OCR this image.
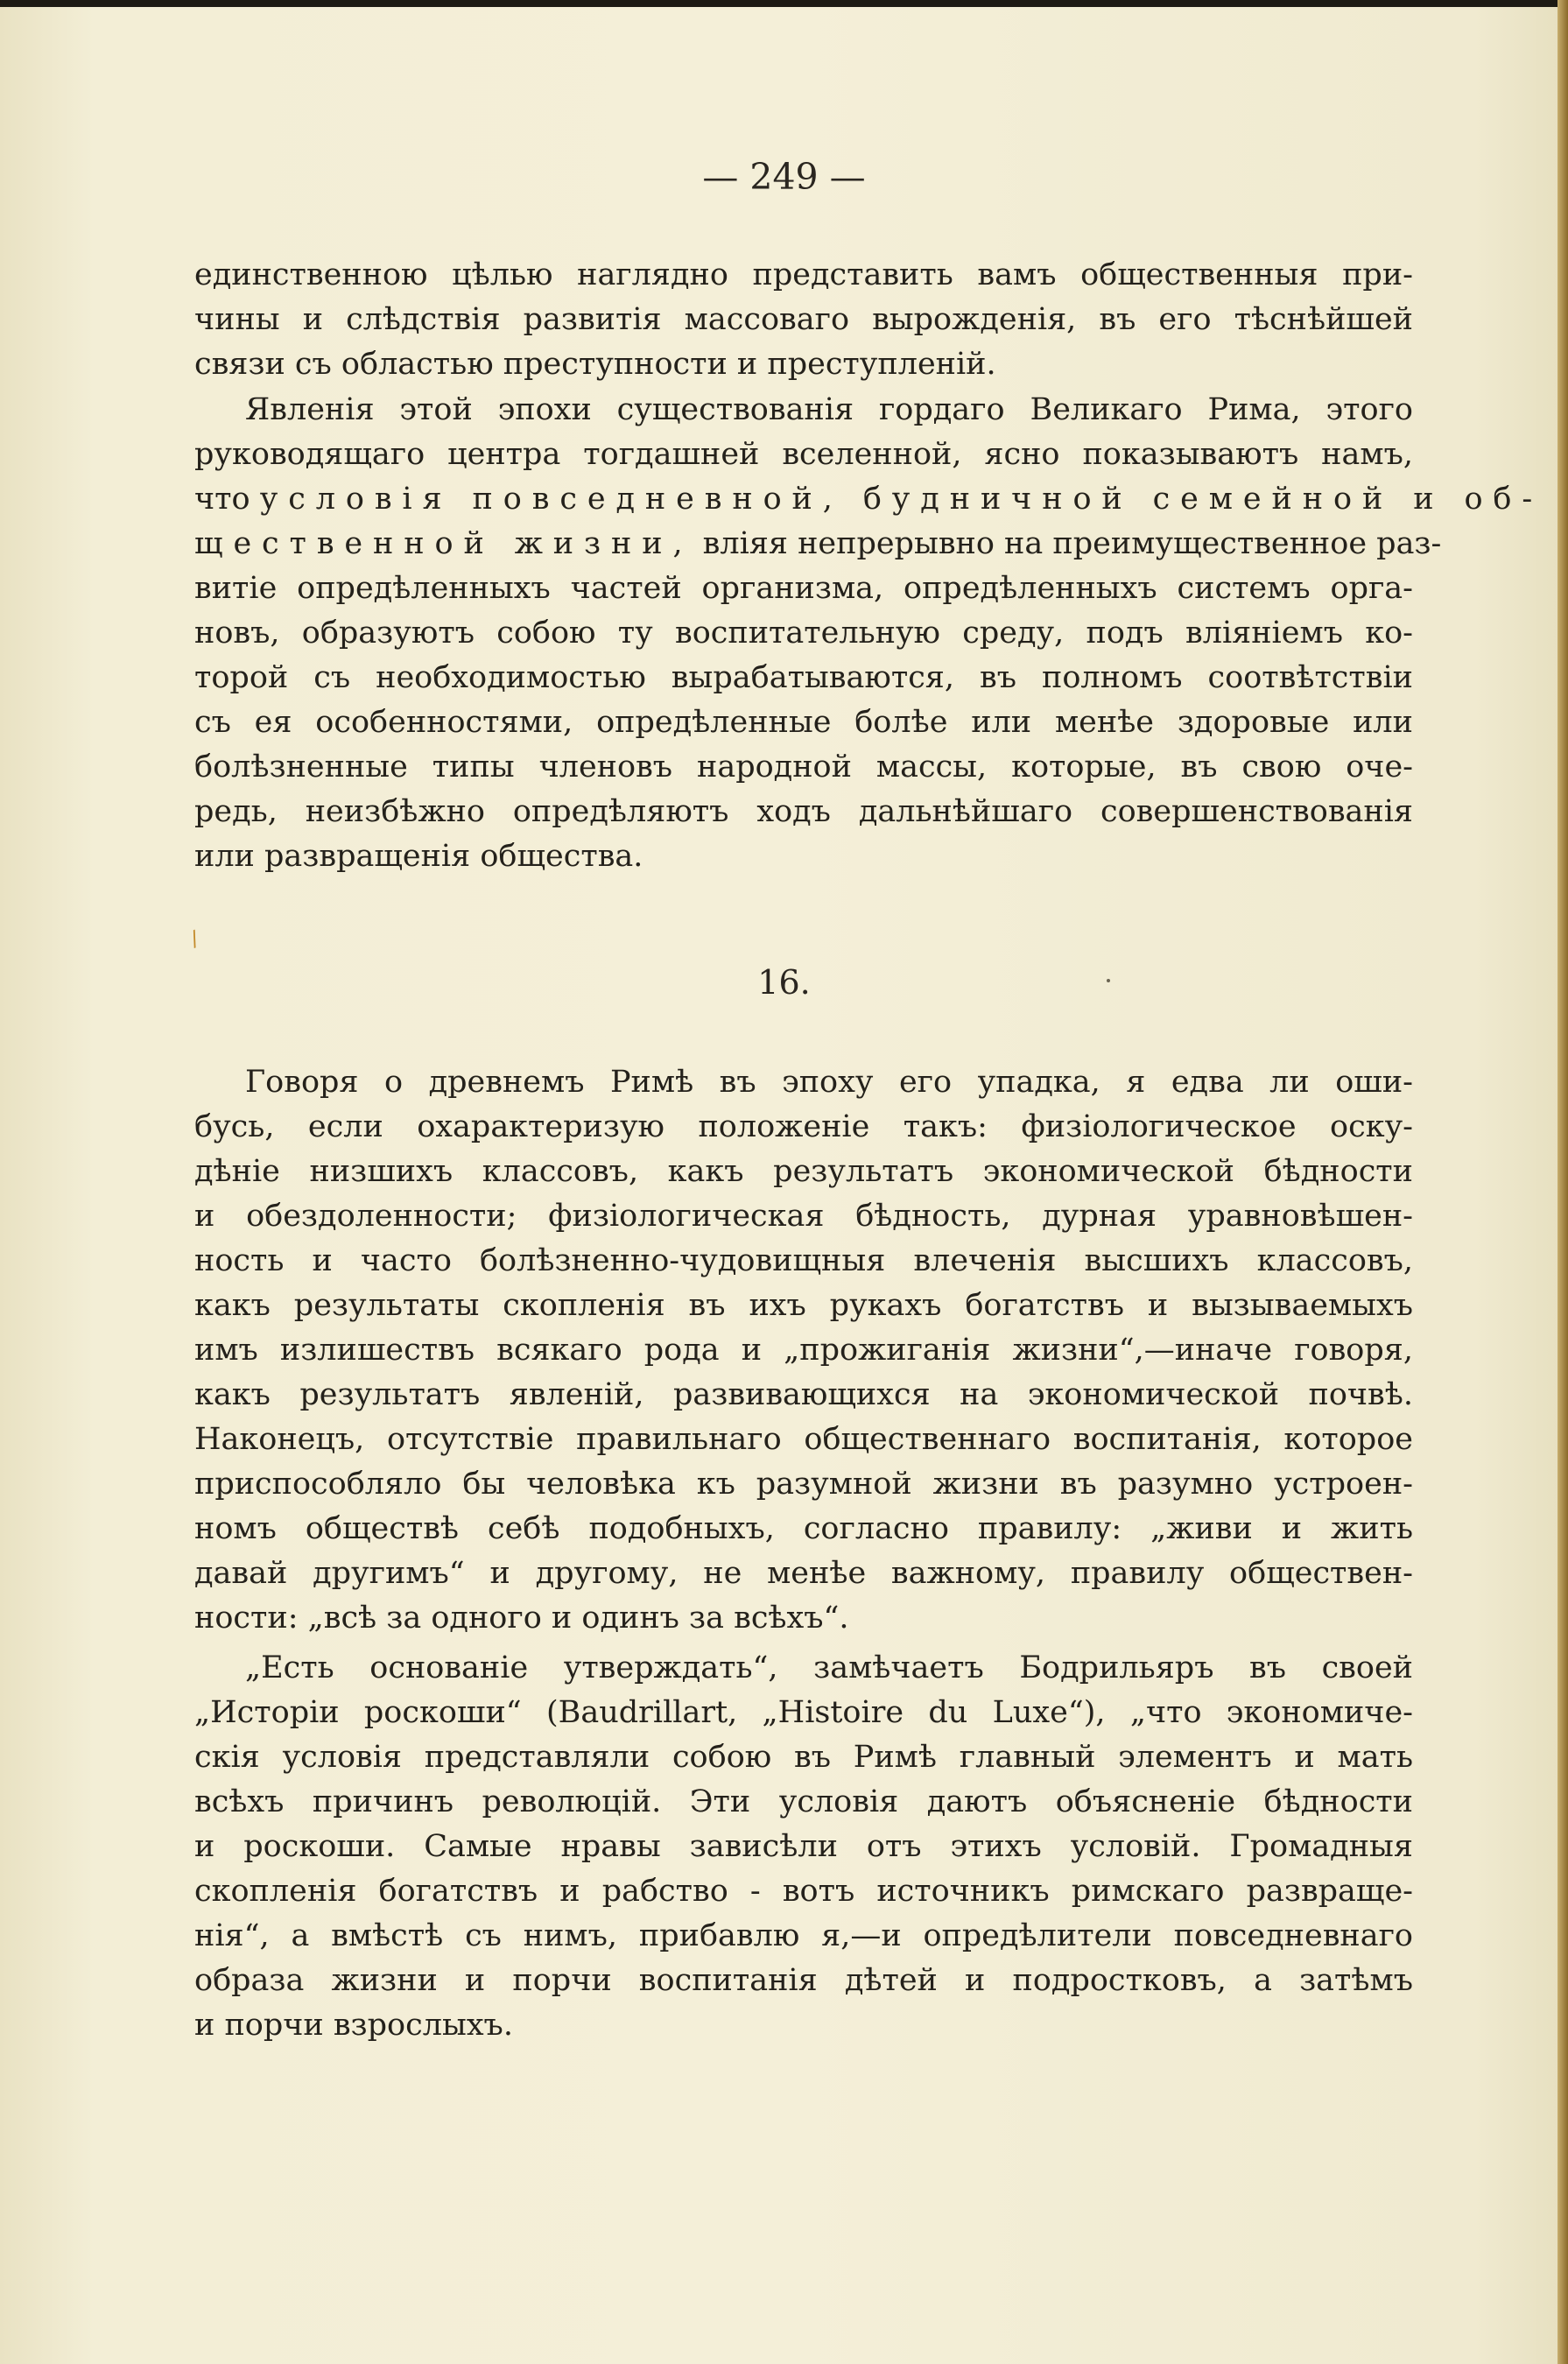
— 249 —
единственною цѣлью наглядно представить вамъ общественныя при-
чины и слѣдствія развитія массоваго вырожденія, въ его тѣснѣйшей
связи съ областью преступности и преступленій.
Явленія этой эпохи существованія гордаго Великаго Рима, этого
руководящаго центра тогдашней вселенной, ясно показываютъ намъ,
что условія повседневной, будничной семейной и об-
щественной жизни, вліяя непрерывно на преимущественное раз-
витіе опредѣленныхъ частей организма, опредѣленныхъ системъ орга-
новъ, образуютъ собою ту воспитательную среду, подъ вліяніемъ ко-
торой съ необходимостью вырабатываются, въ полномъ соотвѣтствіи
съ ея особенностями, опредѣленные болѣе или менѣе здоровые или
болѣзненные типы членовъ народной массы, которые, въ свою оче-
редь, неизбѣжно опредѣляютъ ходъ дальнѣйшаго совершенствованія
или развращенія общества.
/
16.
Говоря о древнемъ Римѣ въ эпоху его упадка, я едва ли оши-
бусь, если охарактеризую положеніе такъ: физіологическое оску-
дѣніе низшихъ классовъ, какъ результатъ экономической бѣдности
и обездоленности; физіологическая бѣдность, дурная уравновѣшен-
ность и часто болѣзненно-чудовищныя влеченія высшихъ классовъ,
какъ результаты скопленія въ ихъ рукахъ богатствъ и вызываемыхъ
имъ излишествъ всякаго рода и „прожиганія жизни“,—иначе говоря,
какъ результатъ явленій, развивающихся на экономической почвѣ.
Наконецъ, отсутствіе правильнаго общественнаго воспитанія, которое
приспособляло бы человѣка къ разумной жизни въ разумно устроен-
номъ обществѣ себѣ подобныхъ, согласно правилу: „живи и жить
давай другимъ“ и другому, не менѣе важному, правилу обществен-
ности: „всѣ за одного и одинъ за всѣхъ“.
„Есть основаніе утверждать“, замѣчаетъ Бодрильяръ въ своей
„Исторіи роскоши“ (Baudrillart, „Histoire du Luxe“), „что экономиче-
скія условія представляли собою въ Римѣ главный элементъ и мать
всѣхъ причинъ революцій. Эти условія даютъ объясненіе бѣдности
и роскоши. Самые нравы зависѣли отъ этихъ условій. Громадныя
скопленія богатствъ и рабство - вотъ источникъ римскаго развраще-
нія“, а вмѣстѣ съ нимъ, прибавлю я,—и опредѣлители повседневнаго
образа жизни и порчи воспитанія дѣтей и подростковъ, а затѣмъ
и порчи взрослыхъ.
